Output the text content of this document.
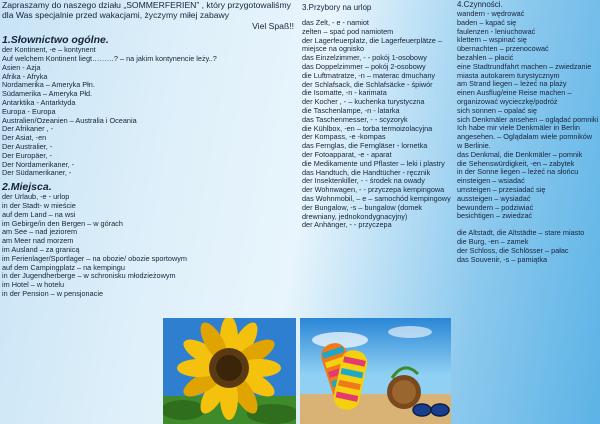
Zapraszamy do naszego działu „SOMMERFERIEN” , który przygotowaliśmy dla Was specjalnie przed wakacjami, życzymy miłej zabawy
Viel Spaß!!
1.Słownictwo ogólne.
der Kontinent, -e – kontynent
Auf welchem Kontinent liegt………? – na jakim kontynencie leży..?
Asien - Azja
Afrika - Afryka
Nordamerika – Ameryka Płn.
Südamerika – Ameryka Płd.
Antarktika - Antarktyda
Europa - Europa
Australien/Ozeanien – Australia i Oceania
Der Afrikaner , -
Der Asiat, -en
Der Australier, -
Der Europäer, -
Der Nordamerikaner, -
Der Südamerikaner, -
2.Miejsca.
der Urlaub, -e - urlop
in der Stadt- w mieście
auf dem Land – na wsi
im Gebirge/in den Bergen – w górach
am See – nad jeziorem
am Meer nad morzem
im Ausland – za granicą
im Ferienlager/Sportlager – na obozie/ obozie sportowym
auf dem Campingplatz – na kempingu
in der Jugendherberge – w schronisku młodzieżowym
im Hotel – w hotelu
in der Pension – w pensjonacie
3.Przybory na urlop
das Zelt, - e - namiot
zelten – spać pod namiotem
der Lagerfeuerplatz, die Lagerfeuerplätze – miejsce na ognisko
das Einzelzimmer, - - pokój 1-osobowy
das Doppelzimmer – pokój 2-osobowy
die Luftmatratze, -n – materac dmuchany
der Schlafsack, die Schlafsäcke - śpiwór
die Isomatte, -n - karimata
der Kocher , - – kuchenka turystyczna
die Taschenlampe, -n - latarka
das Taschenmesser, - - scyzoryk
die Kühlbox, -en – torba termoizolacyjna
der Kompass, -e -kompas
das Fernglas, die Ferngläser - lornetka
der Fotoapparat, -e - aparat
die Medikamente und Pflaster – leki i plastry
das Handtuch, die Handtücher - ręcznik
der Insektenkiller, - - środek na owady
der Wohnwagen, - - przyczepa kempingowa
das Wohnmobil, – e – samochód kempingowy
der Bungalow, -s – bungalow (domek drewniany, jednokondygnacyjny)
der Anhänger, - - przyczepa
4.Czynności.
wandern - wędrować
baden – kąpać się
faulenzen - leniuchować
klettern – wspinać się
übernachten – przenocować
bezahlen – płacić
eine Stadtrundfahrt machen – zwiedzanie miasta autokarem turystycznym
am Strand liegen – leżeć na plaży
einen Ausflug/eine Reise machen – organizować wycieczkę/podróż
sich sonnen – opalać się
sich Denkmäler ansehen – oglądać pomniki
Ich habe mir viele Denkmäler in Berlin angesehen. – Oglądałam wiele pomników w Berlinie.
das Denkmal, die Denkmäler – pomnik
die Sehenswürdigkeit, -en – zabytek
in der Sonne liegen – leżeć na słońcu
einsteigen – wsiadać
umsteigen – przesiadać się
aussteigen – wysiadać
bewundern – podziwiać
besichtigen – zwiedzać
die Altstadt, die Altstädte – stare miasto
die Burg, -en – zamek
der Schloss, die Schlösser – pałac
das Souvenir, -s – pamiątka
